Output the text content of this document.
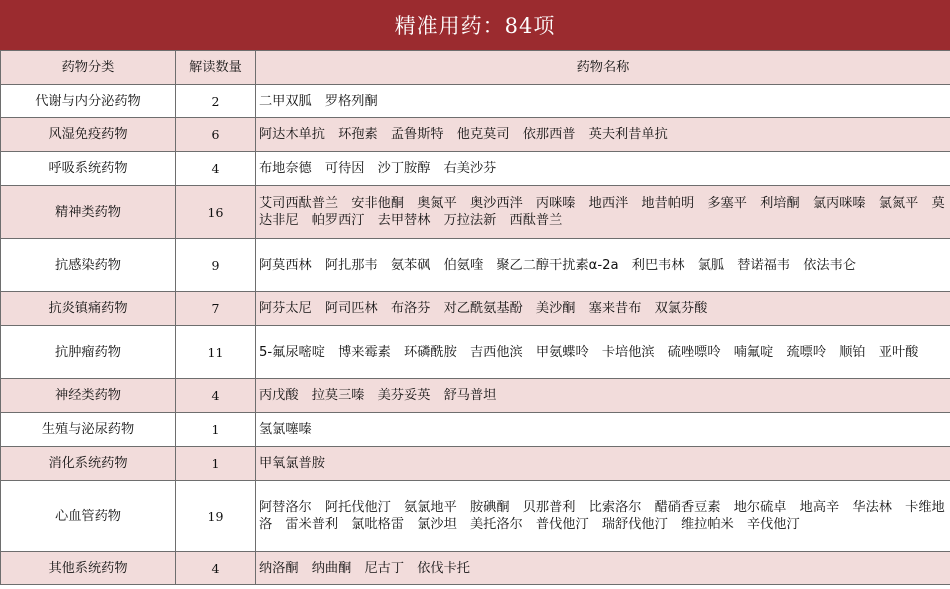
精准用药：84项
药物分类	解读数量	药物名称
代谢与内分泌药物	2	二甲双胍　罗格列酮
风湿免疫药物	6	阿达木单抗　环孢素　孟鲁斯特　他克莫司　依那西普　英夫利昔单抗
呼吸系统药物	4	布地奈德　可待因　沙丁胺醇　右美沙芬
精神类药物	16	艾司西酞普兰　安非他酮　奥氮平　奥沙西泮　丙咪嗪　地西泮　地昔帕明　多塞平　利培酮　氯丙咪嗪　氯氮平　莫达非尼　帕罗西汀　去甲替林　万拉法新　西酞普兰
抗感染药物	9	阿莫西林　阿扎那韦　氨苯砜　伯氨喹　聚乙二醇干扰素α-2a　利巴韦林　氯胍　替诺福韦　依法韦仑
抗炎镇痛药物	7	阿芬太尼　阿司匹林　布洛芬　对乙酰氨基酚　美沙酮　塞来昔布　双氯芬酸
抗肿瘤药物	11	5-氟尿嘧啶　博来霉素　环磷酰胺　吉西他滨　甲氨蝶呤　卡培他滨　硫唑嘌呤　喃氟啶　巯嘌呤　顺铂　亚叶酸
神经类药物	4	丙戊酸　拉莫三嗪　美芬妥英　舒马普坦
生殖与泌尿药物	1	氢氯噻嗪
消化系统药物	1	甲氧氯普胺
心血管药物	19	阿替洛尔　阿托伐他汀　氨氯地平　胺碘酮　贝那普利　比索洛尔　醋硝香豆素　地尔硫卓　地高辛　华法林　卡维地洛　雷米普利　氯吡格雷　氯沙坦　美托洛尔　普伐他汀　瑞舒伐他汀　维拉帕米　辛伐他汀
其他系统药物	4	纳洛酮　纳曲酮　尼古丁　依伐卡托
